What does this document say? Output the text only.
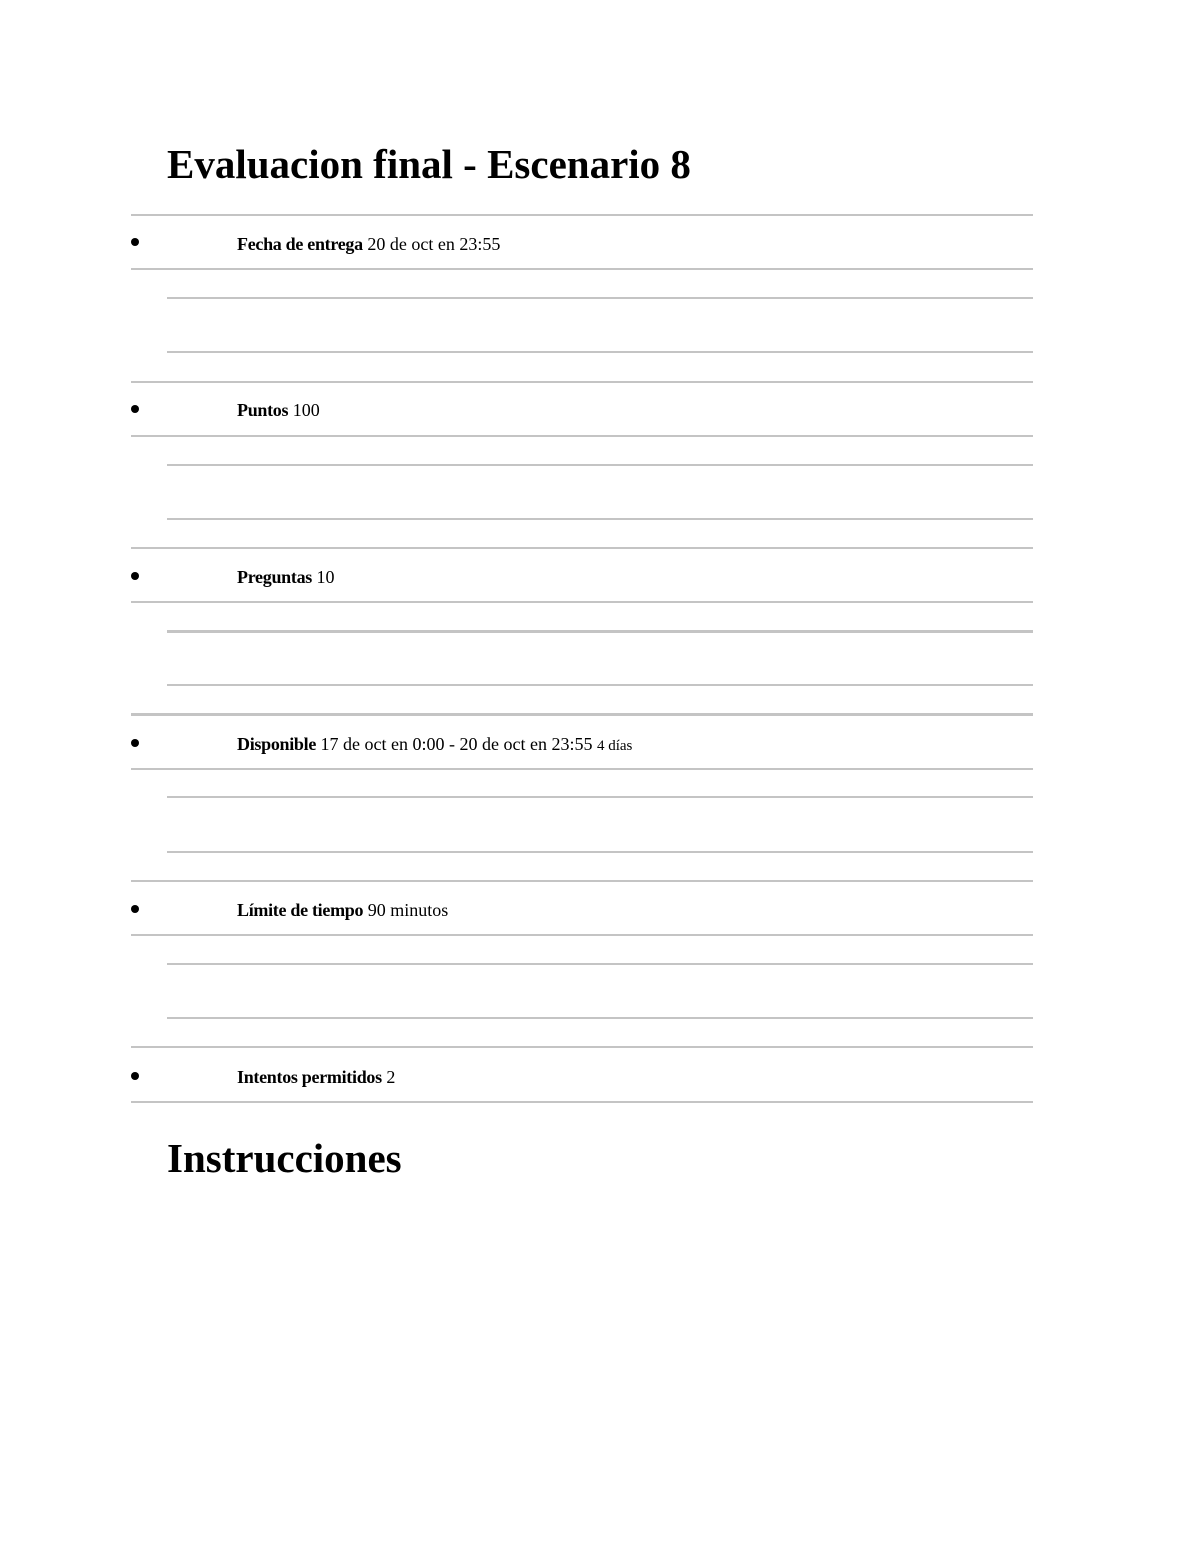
Evaluacion final - Escenario 8
Fecha de entrega 20 de oct en 23:55
Puntos 100
Preguntas 10
Disponible 17 de oct en 0:00 - 20 de oct en 23:55 4 días
Límite de tiempo 90 minutos
Intentos permitidos 2
Instrucciones
